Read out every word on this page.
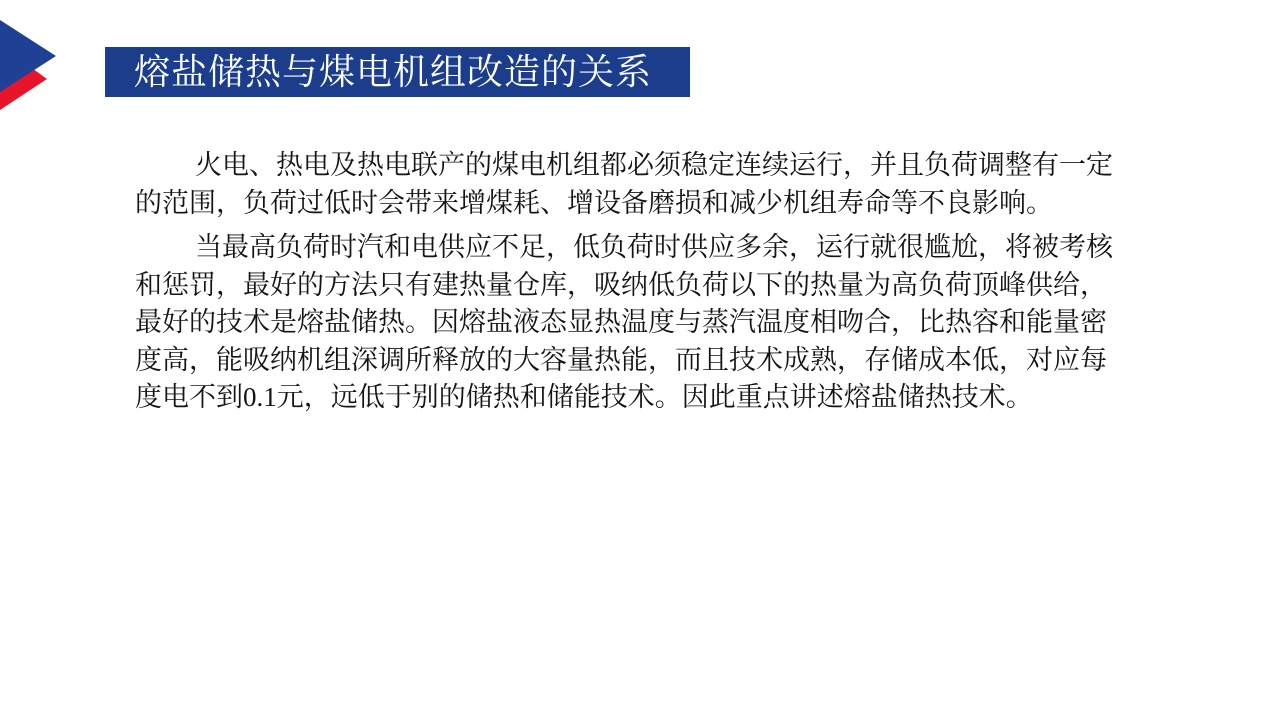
熔盐储热与煤电机组改造的关系

火电、热电及热电联产的煤电机组都必须稳定连续运行，并且负荷调整有一定
的范围，负荷过低时会带来增煤耗、增设备磨损和减少机组寿命等不良影响。

当最高负荷时汽和电供应不足，低负荷时供应多余，运行就很尴尬，将被考核
和惩罚，最好的方法只有建热量仓库，吸纳低负荷以下的热量为高负荷顶峰供给，
最好的技术是熔盐储热。因熔盐液态显热温度与蒸汽温度相吻合，比热容和能量密
度高，能吸纳机组深调所释放的大容量热能，而且技术成熟，存储成本低，对应每
度电不到0.1元，远低于别的储热和储能技术。因此重点讲述熔盐储热技术。
